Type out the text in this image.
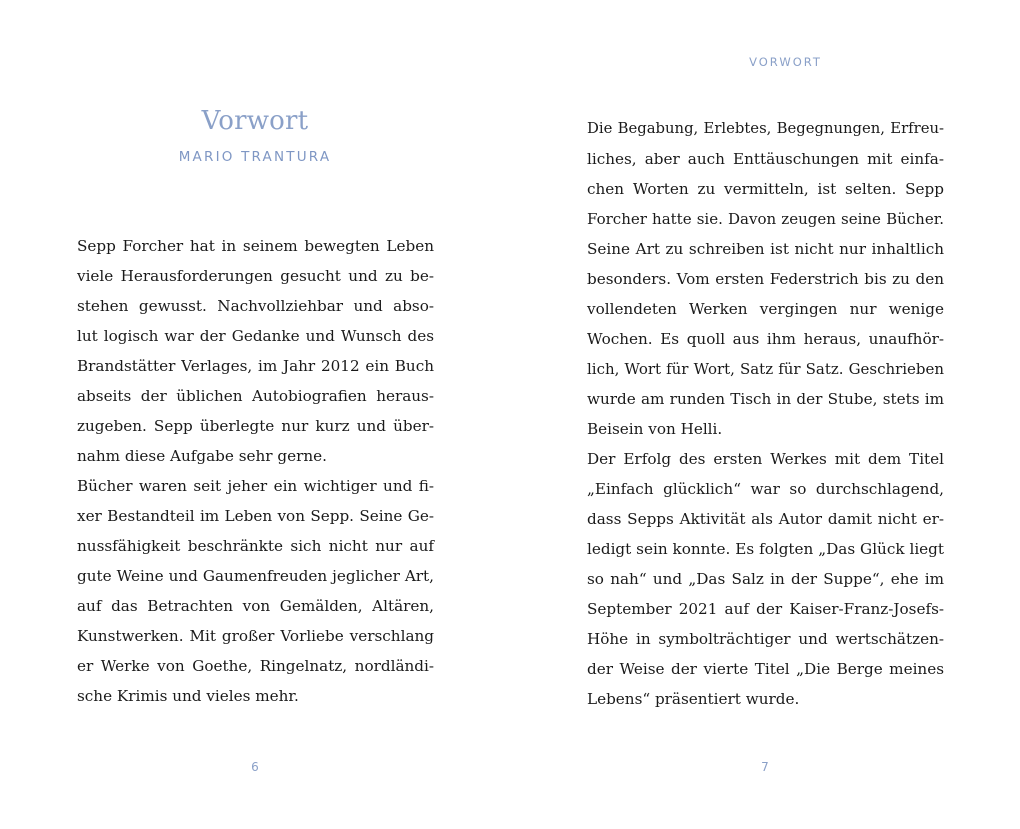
Vorwort
MARIO TRANTURA
Sepp Forcher hat in seinem bewegten Leben
viele Herausforderungen gesucht und zu be-
stehen gewusst. Nachvollziehbar und abso-
lut logisch war der Gedanke und Wunsch des
Brandstätter Verlages, im Jahr 2012 ein Buch
abseits der üblichen Autobiografien heraus-
zugeben. Sepp überlegte nur kurz und über-
nahm diese Aufgabe sehr gerne.
Bücher waren seit jeher ein wichtiger und fi-
xer Bestandteil im Leben von Sepp. Seine Ge-
nussfähigkeit beschränkte sich nicht nur auf
gute Weine und Gaumenfreuden jeglicher Art,
auf das Betrachten von Gemälden, Altären,
Kunstwerken. Mit großer Vorliebe verschlang
er Werke von Goethe, Ringelnatz, nordländi-
sche Krimis und vieles mehr.
6
VORWORT
Die Begabung, Erlebtes, Begegnungen, Erfreu-
liches, aber auch Enttäuschungen mit einfa-
chen Worten zu vermitteln, ist selten. Sepp
Forcher hatte sie. Davon zeugen seine Bücher.
Seine Art zu schreiben ist nicht nur inhaltlich
besonders. Vom ersten Federstrich bis zu den
vollendeten Werken vergingen nur wenige
Wochen. Es quoll aus ihm heraus, unaufhör-
lich, Wort für Wort, Satz für Satz. Geschrieben
wurde am runden Tisch in der Stube, stets im
Beisein von Helli.
Der Erfolg des ersten Werkes mit dem Titel
„Einfach glücklich“ war so durchschlagend,
dass Sepps Aktivität als Autor damit nicht er-
ledigt sein konnte. Es folgten „Das Glück liegt
so nah“ und „Das Salz in der Suppe“, ehe im
September 2021 auf der Kaiser-Franz-Josefs-
Höhe in symbolträchtiger und wertschätzen-
der Weise der vierte Titel „Die Berge meines
Lebens“ präsentiert wurde.
7
